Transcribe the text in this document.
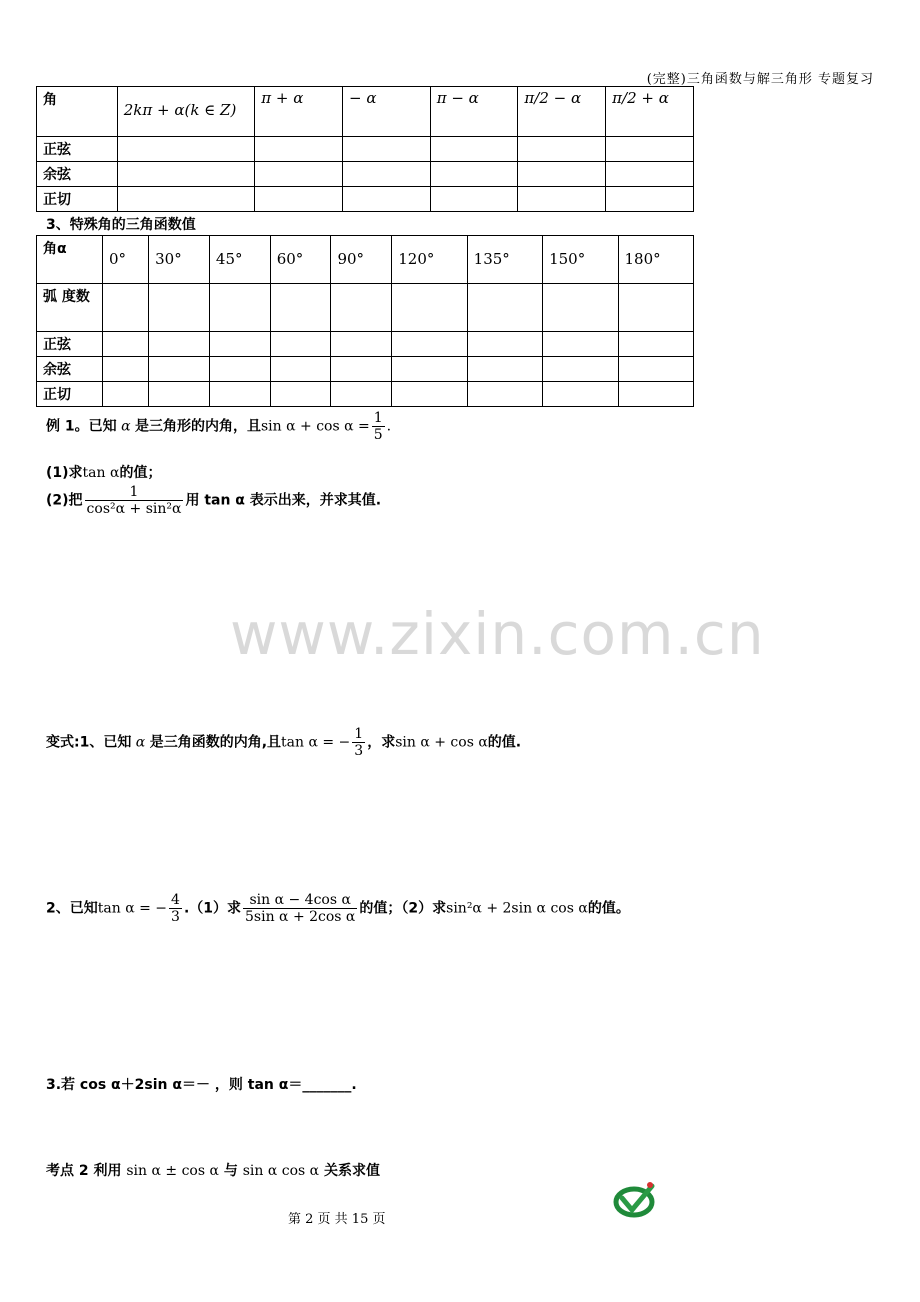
(完整)三角函数与解三角形 专题复习
角	2kπ + α(k ∈ Z)	π + α	− α	π − α	π/2 − α	π/2 + α
正弦						
余弦						
正切						
3、特殊角的三角函数值
角α	0°	30°	45°	60°	90°	120°	135°	150°	180°
弧 度数									
正弦									
余弦									
正切									
例 1。已知 α 是三角形的内角，且$\sin \alpha + \cos \alpha = \frac{1}{5}$ .
(1)求tan α的值；
(2)把 $\frac{1}{\text{cos²α + sin²α}}$ 用 tan α 表示出来，并求其值.
www.zixin.com.cn
变式:1、已知 α 是三角函数的内角,且tan α = − $\frac{1}{3}$ ，求sin α + cos α的值.
2、已知tan α = − $\frac{4}{3} .(1)$求 $\frac{\text{sin α − 4cos α}}{\text{5sin α + 2cos α}}$ 的值；（2）求sin²α + 2sin α cos α的值。
3.若 cos α＋2sin α＝－ ，则 tan α＝_______.
考点 2 利用 sin α ± cos α 与 sin α cos α 关系求值
第 2 页 共 15 页
